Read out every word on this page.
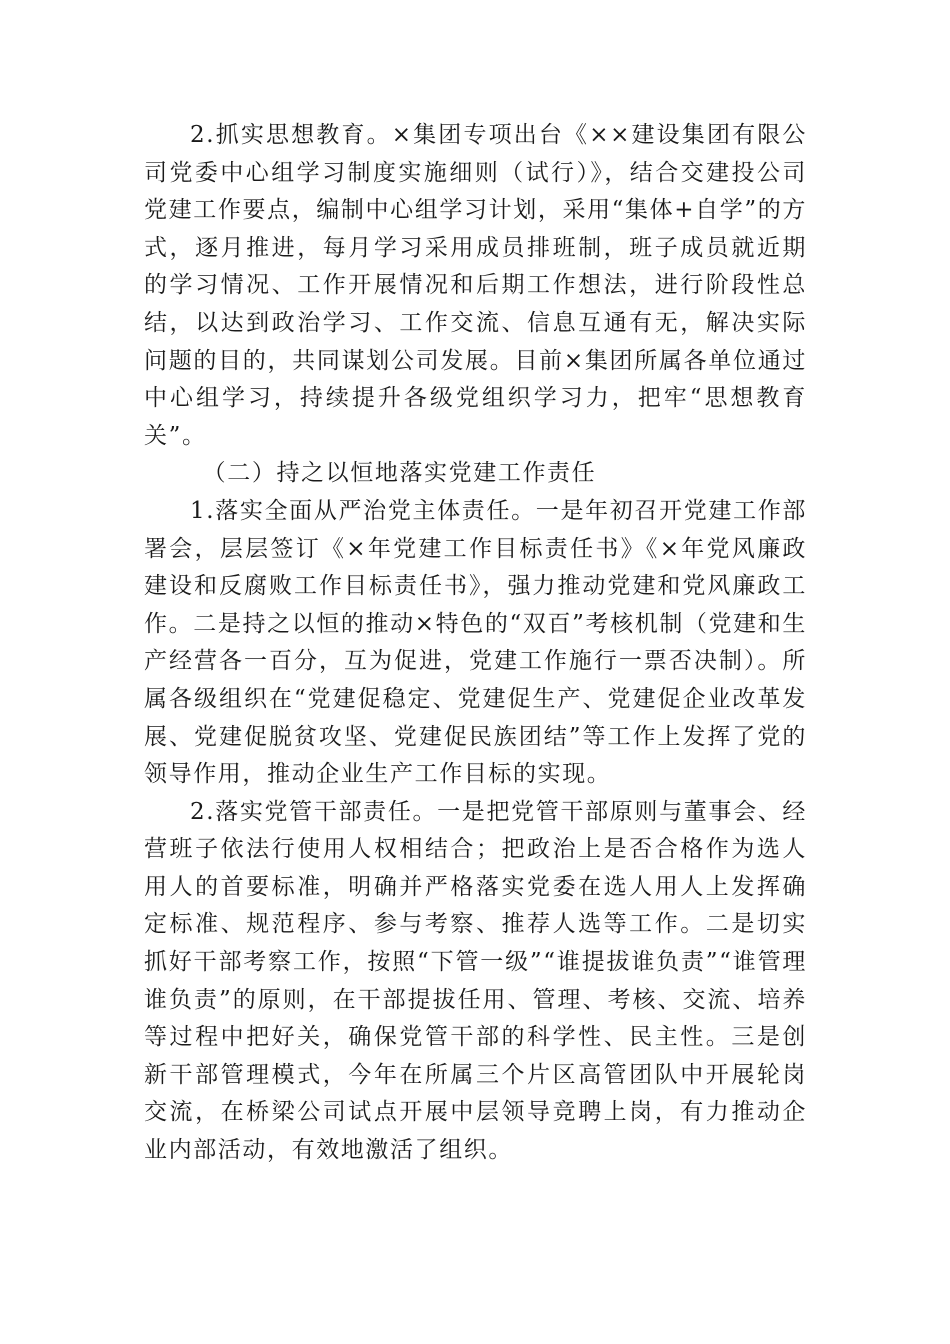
2.抓实思想教育。×集团专项出台《××建设集团有限公司党委中心组学习制度实施细则（试行）》，结合交建投公司党建工作要点，编制中心组学习计划，采用“集体+自学”的方式，逐月推进，每月学习采用成员排班制，班子成员就近期的学习情况、工作开展情况和后期工作想法，进行阶段性总结，以达到政治学习、工作交流、信息互通有无，解决实际问题的目的，共同谋划公司发展。目前×集团所属各单位通过中心组学习，持续提升各级党组织学习力，把牢“思想教育关”。

（二）持之以恒地落实党建工作责任

1.落实全面从严治党主体责任。一是年初召开党建工作部署会，层层签订《×年党建工作目标责任书》《×年党风廉政建设和反腐败工作目标责任书》，强力推动党建和党风廉政工作。二是持之以恒的推动×特色的“双百”考核机制（党建和生产经营各一百分，互为促进，党建工作施行一票否决制）。所属各级组织在“党建促稳定、党建促生产、党建促企业改革发展、党建促脱贫攻坚、党建促民族团结”等工作上发挥了党的领导作用，推动企业生产工作目标的实现。

2.落实党管干部责任。一是把党管干部原则与董事会、经营班子依法行使用人权相结合；把政治上是否合格作为选人用人的首要标准，明确并严格落实党委在选人用人上发挥确定标准、规范程序、参与考察、推荐人选等工作。二是切实抓好干部考察工作，按照“下管一级”“谁提拔谁负责”“谁管理谁负责”的原则，在干部提拔任用、管理、考核、交流、培养等过程中把好关，确保党管干部的科学性、民主性。三是创新干部管理模式，今年在所属三个片区高管团队中开展轮岗交流，在桥梁公司试点开展中层领导竞聘上岗，有力推动企业内部活动，有效地激活了组织。
